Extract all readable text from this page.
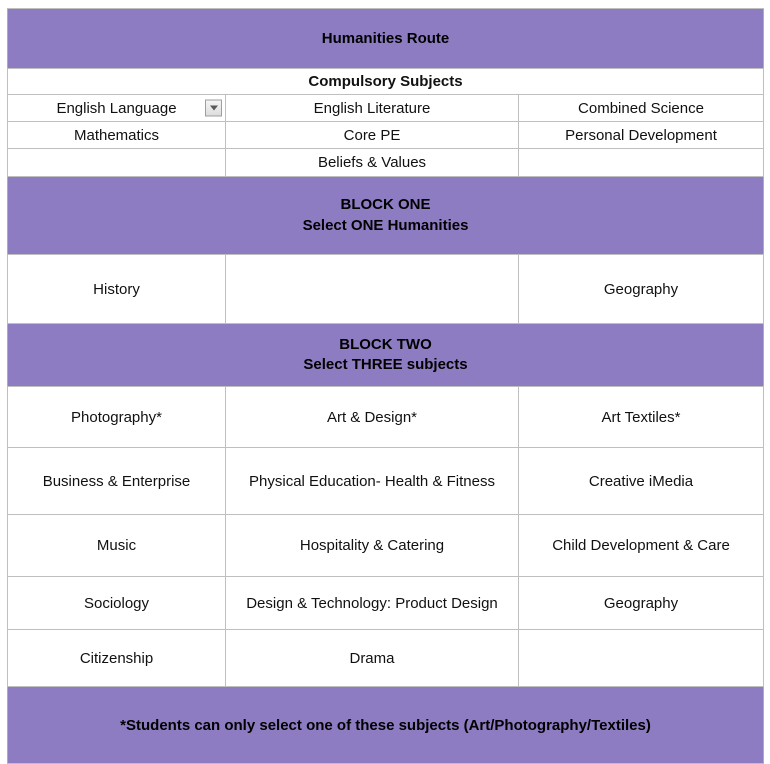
Humanities Route		
Compulsory Subjects		
English Language	English Literature	Combined Science
Mathematics	Core PE	Personal Development
	Beliefs & Values	

BLOCK ONE
Select ONE Humanities		

History		Geography

BLOCK TWO
Select THREE subjects		

Photography*	Art & Design*	Art Textiles*
Business & Enterprise	Physical Education- Health & Fitness	Creative iMedia
Music	Hospitality & Catering	Child Development & Care
Sociology	Design & Technology: Product Design	Geography
Citizenship	Drama	
*Students can only select one of these subjects (Art/Photography/Textiles)		
